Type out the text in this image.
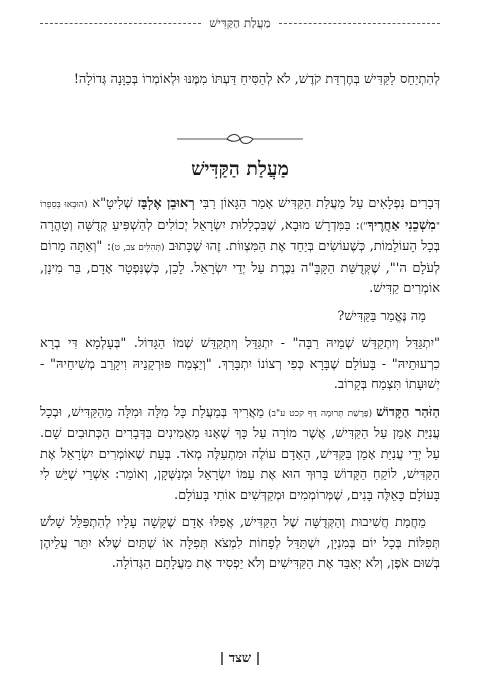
מַעֲלַת הַקַּדִּישׁ

לְהִתְיַחֵס לַקַּדִּישׁ בְּחֶרְדַּת קֹדֶשׁ, לֹא לְהַסִּיחַ דַּעְתּוֹ מִמֶּנּוּ וּלְאוֹמְרוֹ בְּכַוָּנָה גְּדוֹלָה!

מַעֲלַת הַקַּדִּישׁ

דְּבָרִים נִפְלָאִים עַל מַעֲלַת הַקַּדִּישׁ אָמַר הַגָּאוֹן רַבִּי רְאוּבֵן אֶלְבָּז שְׁלִיטָ"א (הוּבְאוּ בְּסִפְרוֹ "מִשְׁכֵנִי אַחֲרֶיךָ"): בַּמִּדְרָשׁ מוּבָא, שֶׁבִּכְלָלוּת יִשְׂרָאֵל יְכוֹלִים לְהַשְׁפִּיעַ קְדֻשָּׁה וְטָהֳרָה בְּכָל הָעוֹלָמוֹת, כְּשֶׁעוֹשִׂים בְּיַחַד אֶת הַמִּצְווֹת. זֶהוּ שֶׁכָּתוּב (תְּהִלִּים צב, ט): "וְאַתָּה מָרוֹם לְעֹלָם ה'", שֶׁקְּדֻשַּׁת הַקָּבָּ"ה נִכֶּרֶת עַל יְדֵי יִשְׂרָאֵל. לָכֵן, כְּשֶׁנִּפְטָר אָדָם, בַּר מִינָן, אוֹמְרִים קַדִּישׁ.

מָה נֶּאֱמַר בַּקַּדִּישׁ?

"יִתְגַּדַּל וְיִתְקַדַּשׁ שְׁמֵיהּ רַבָּה" - יִתְגַּדֵּל וְיִתְקַדֵּשׁ שְׁמוֹ הַגָּדוֹל. "בְּעָלְמָא דִּי בְרָא כִרְעוּתֵיהּ" - בָּעוֹלָם שֶׁבָּרָא כְּפִי רְצוֹנוֹ יִתְבָּרַךְ. "וְיַצְמַח פּוּרְקָנֵיהּ וִיקָרֵב מְשִׁיחֵיהּ" - יְשׁוּעָתוֹ תִּצְמַח בְּקָרוֹב.

הַזֹּהַר הַקָּדוֹשׁ (פָּרָשַׁת תְּרוּמָה דַּף קכט ע"ב) מַאֲרִיךְ בְּמַעֲלַת כָּל מִלָּה וּמִלָּה מֵהַקַּדִּישׁ, וּבְכָל עֲנִיַּת אָמֵן עַל הַקַּדִּישׁ, אֲשֶׁר מוֹרָה עַל כָּךְ שֶׁאָנוּ מַאֲמִינִים בַּדְּבָרִים הַכְּתוּבִים שָׁם. עַל יְדֵי עֲנִיַּת אָמֵן בַּקַּדִּישׁ, הָאָדָם עוֹלֶה וּמִתְעַלֶּה מְאֹד. בְּעֵת שֶׁאוֹמְרִים יִשְׂרָאֵל אֶת הַקַּדִּישׁ, לוֹקֵחַ הַקָּדוֹשׁ בָּרוּךְ הוּא אֶת עַמּוֹ יִשְׂרָאֵל וּמְנַשְּׁקָן, וְאוֹמֵר: אַשְׁרֵי שֶׁיֵּשׁ לִי בָּעוֹלָם כָּאֵלֶּה בָּנִים, שֶׁמְּרוֹמְמִים וּמְקַדְּשִׁים אוֹתִי בָּעוֹלָם.

מֵחֲמַת חֲשִׁיבוּת וְהַקְּדֻשָּׁה שֶׁל הַקַּדִּישׁ, אֲפִלּוּ אָדָם שֶׁקָּשָׁה עָלָיו לְהִתְפַּלֵּל שָׁלֹשׁ תְּפִלּוֹת בְּכָל יוֹם בְּמִנְיָן, יִשְׁתַּדֵּל לְפָחוֹת לִמְצֹא תְּפִלָּה אוֹ שְׁתַּיִם שֶׁלֹּא יִתֵּר עֲלֵיהֶן בְּשׁוּם אֹפֶן, וְלֹא יְאַבֵּד אֶת הַקַּדִּישִׁים וְלֹא יַפְסִיד אֶת מַעֲלָתָם הַגְּדוֹלָה.

| שצד |
